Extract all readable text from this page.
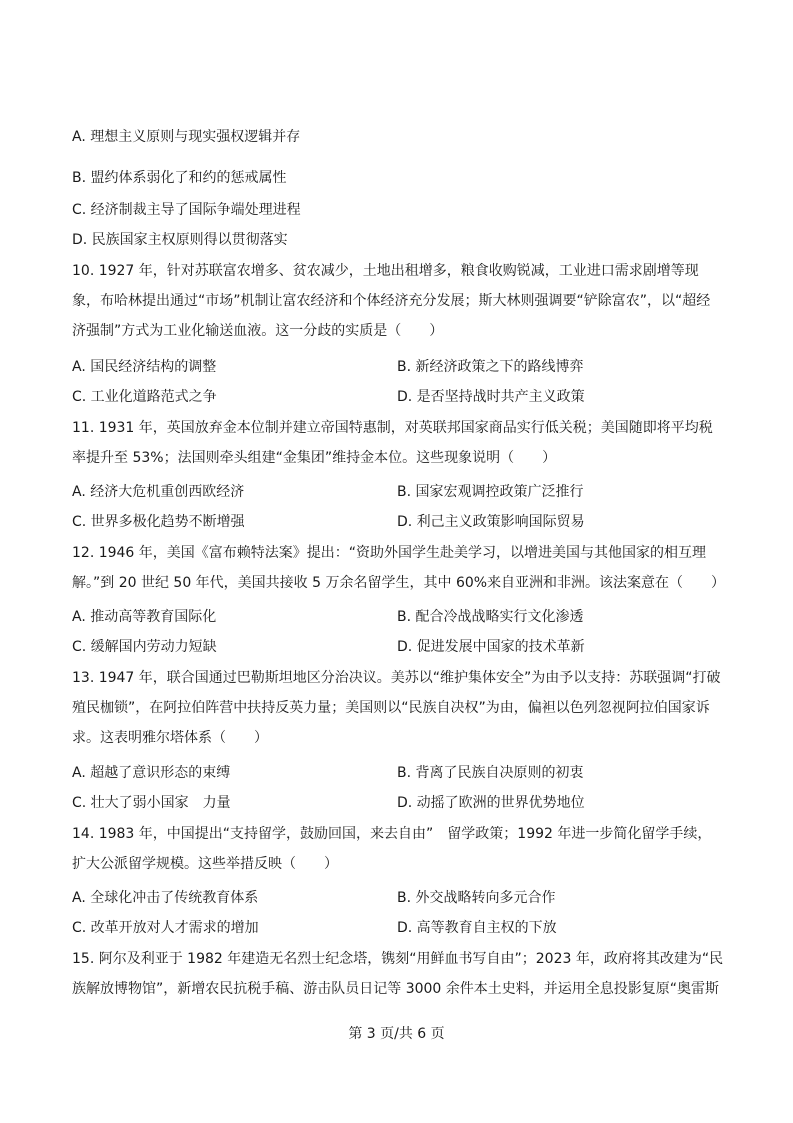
A. 理想主义原则与现实强权逻辑并存
B. 盟约体系弱化了和约的惩戒属性
C. 经济制裁主导了国际争端处理进程
D. 民族国家主权原则得以贯彻落实
10. 1927 年，针对苏联富农增多、贫农减少，土地出租增多，粮食收购锐减，工业进口需求剧增等现象，布哈林提出通过“市场”机制让富农经济和个体经济充分发展；斯大林则强调要“铲除富农”，以“超经济强制”方式为工业化输送血液。这一分歧的实质是（　　）
A. 国民经济结构的调整	B. 新经济政策之下的路线博弈
C. 工业化道路范式之争	D. 是否坚持战时共产主义政策
11. 1931 年，英国放弃金本位制并建立帝国特惠制，对英联邦国家商品实行低关税；美国随即将平均税率提升至 53%；法国则牵头组建“金集团”维持金本位。这些现象说明（　　）
A. 经济大危机重创西欧经济	B. 国家宏观调控政策广泛推行
C. 世界多极化趋势不断增强	D. 利己主义政策影响国际贸易
12. 1946 年，美国《富布赖特法案》提出：“资助外国学生赴美学习，以增进美国与其他国家的相互理解。”到 20 世纪 50 年代，美国共接收 5 万余名留学生，其中 60%来自亚洲和非洲。该法案意在（　　）
A. 推动高等教育国际化	B. 配合冷战战略实行文化渗透
C. 缓解国内劳动力短缺	D. 促进发展中国家的技术革新
13. 1947 年，联合国通过巴勒斯坦地区分治决议。美苏以“维护集体安全”为由予以支持：苏联强调“打破殖民枷锁”，在阿拉伯阵营中扶持反英力量；美国则以“民族自决权”为由，偏袒以色列忽视阿拉伯国家诉求。这表明雅尔塔体系（　　）
A. 超越了意识形态的束缚	B. 背离了民族自决原则的初衷
C. 壮大了弱小国家　力量	D. 动摇了欧洲的世界优势地位
14. 1983 年，中国提出“支持留学，鼓励回国，来去自由”　留学政策；1992 年进一步简化留学手续，扩大公派留学规模。这些举措反映（　　）
A. 全球化冲击了传统教育体系	B. 外交战略转向多元合作
C. 改革开放对人才需求的增加	D. 高等教育自主权的下放
15. 阿尔及利亚于 1982 年建造无名烈士纪念塔，镌刻“用鲜血书写自由”；2023 年，政府将其改建为“民族解放博物馆”，新增农民抗税手稿、游击队员日记等 3000 余件本土史料，并运用全息投影复原“奥雷斯
第 3 页/共 6 页
